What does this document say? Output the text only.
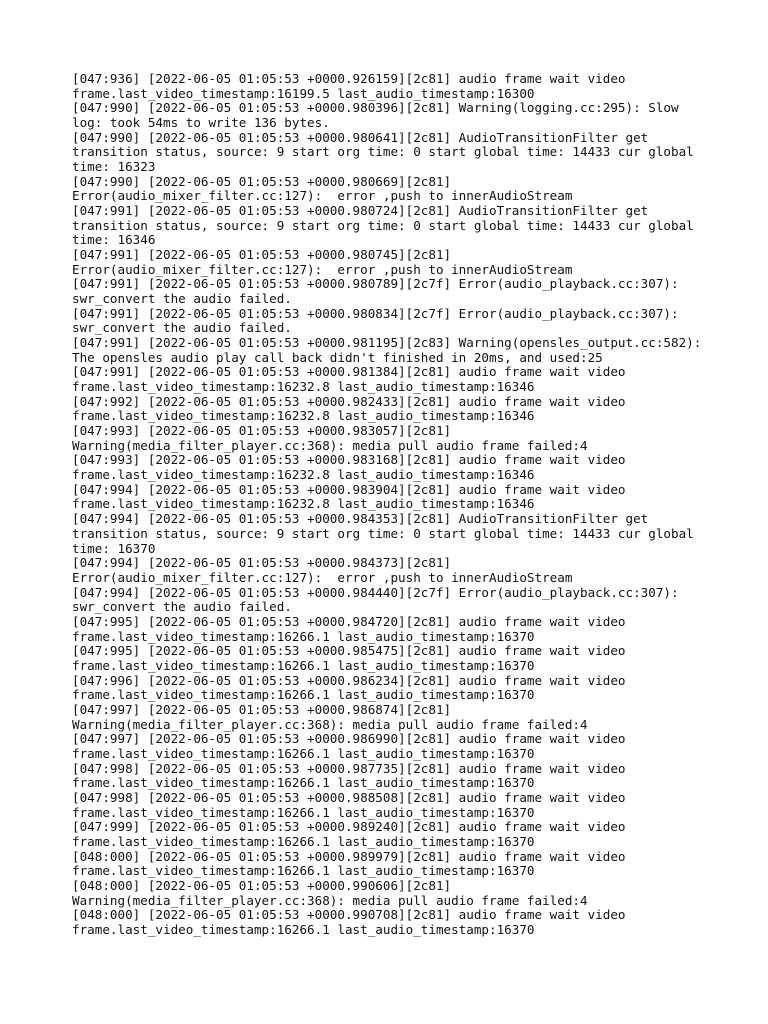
[047:936] [2022-06-05 01:05:53 +0000.926159][2c81] audio frame wait video
frame.last_video_timestamp:16199.5 last_audio_timestamp:16300
[047:990] [2022-06-05 01:05:53 +0000.980396][2c81] Warning(logging.cc:295): Slow
log: took 54ms to write 136 bytes.
[047:990] [2022-06-05 01:05:53 +0000.980641][2c81] AudioTransitionFilter get
transition status, source: 9 start org time: 0 start global time: 14433 cur global
time: 16323
[047:990] [2022-06-05 01:05:53 +0000.980669][2c81]
Error(audio_mixer_filter.cc:127):  error ,push to innerAudioStream
[047:991] [2022-06-05 01:05:53 +0000.980724][2c81] AudioTransitionFilter get
transition status, source: 9 start org time: 0 start global time: 14433 cur global
time: 16346
[047:991] [2022-06-05 01:05:53 +0000.980745][2c81]
Error(audio_mixer_filter.cc:127):  error ,push to innerAudioStream
[047:991] [2022-06-05 01:05:53 +0000.980789][2c7f] Error(audio_playback.cc:307):
swr_convert the audio failed.
[047:991] [2022-06-05 01:05:53 +0000.980834][2c7f] Error(audio_playback.cc:307):
swr_convert the audio failed.
[047:991] [2022-06-05 01:05:53 +0000.981195][2c83] Warning(opensles_output.cc:582):
The opensles audio play call back didn't finished in 20ms, and used:25
[047:991] [2022-06-05 01:05:53 +0000.981384][2c81] audio frame wait video
frame.last_video_timestamp:16232.8 last_audio_timestamp:16346
[047:992] [2022-06-05 01:05:53 +0000.982433][2c81] audio frame wait video
frame.last_video_timestamp:16232.8 last_audio_timestamp:16346
[047:993] [2022-06-05 01:05:53 +0000.983057][2c81]
Warning(media_filter_player.cc:368): media pull audio frame failed:4
[047:993] [2022-06-05 01:05:53 +0000.983168][2c81] audio frame wait video
frame.last_video_timestamp:16232.8 last_audio_timestamp:16346
[047:994] [2022-06-05 01:05:53 +0000.983904][2c81] audio frame wait video
frame.last_video_timestamp:16232.8 last_audio_timestamp:16346
[047:994] [2022-06-05 01:05:53 +0000.984353][2c81] AudioTransitionFilter get
transition status, source: 9 start org time: 0 start global time: 14433 cur global
time: 16370
[047:994] [2022-06-05 01:05:53 +0000.984373][2c81]
Error(audio_mixer_filter.cc:127):  error ,push to innerAudioStream
[047:994] [2022-06-05 01:05:53 +0000.984440][2c7f] Error(audio_playback.cc:307):
swr_convert the audio failed.
[047:995] [2022-06-05 01:05:53 +0000.984720][2c81] audio frame wait video
frame.last_video_timestamp:16266.1 last_audio_timestamp:16370
[047:995] [2022-06-05 01:05:53 +0000.985475][2c81] audio frame wait video
frame.last_video_timestamp:16266.1 last_audio_timestamp:16370
[047:996] [2022-06-05 01:05:53 +0000.986234][2c81] audio frame wait video
frame.last_video_timestamp:16266.1 last_audio_timestamp:16370
[047:997] [2022-06-05 01:05:53 +0000.986874][2c81]
Warning(media_filter_player.cc:368): media pull audio frame failed:4
[047:997] [2022-06-05 01:05:53 +0000.986990][2c81] audio frame wait video
frame.last_video_timestamp:16266.1 last_audio_timestamp:16370
[047:998] [2022-06-05 01:05:53 +0000.987735][2c81] audio frame wait video
frame.last_video_timestamp:16266.1 last_audio_timestamp:16370
[047:998] [2022-06-05 01:05:53 +0000.988508][2c81] audio frame wait video
frame.last_video_timestamp:16266.1 last_audio_timestamp:16370
[047:999] [2022-06-05 01:05:53 +0000.989240][2c81] audio frame wait video
frame.last_video_timestamp:16266.1 last_audio_timestamp:16370
[048:000] [2022-06-05 01:05:53 +0000.989979][2c81] audio frame wait video
frame.last_video_timestamp:16266.1 last_audio_timestamp:16370
[048:000] [2022-06-05 01:05:53 +0000.990606][2c81]
Warning(media_filter_player.cc:368): media pull audio frame failed:4
[048:000] [2022-06-05 01:05:53 +0000.990708][2c81] audio frame wait video
frame.last_video_timestamp:16266.1 last_audio_timestamp:16370
